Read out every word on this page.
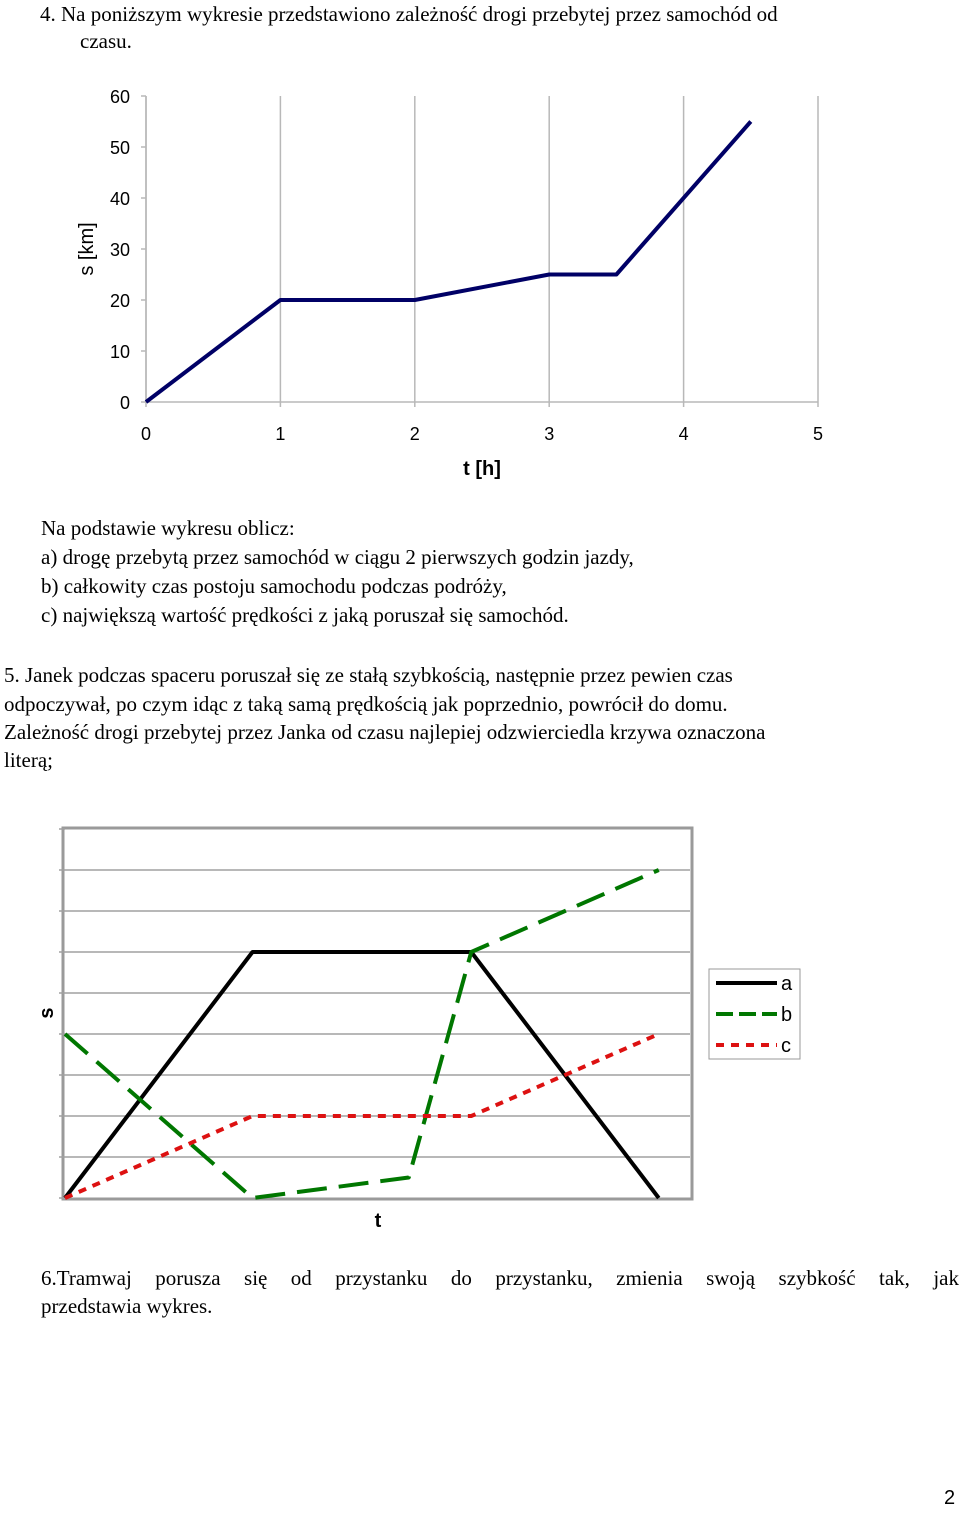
4. Na poniższym wykresie przedstawiono zależność drogi przebytej przez samochód od
czasu.
0
10
20
30
40
50
60
0	1	2	3	4	5
s [km]
t [h]
Na podstawie wykresu oblicz:
a) drogę przebytą przez samochód w ciągu 2 pierwszych godzin jazdy,
b) całkowity czas postoju samochodu podczas podróży,
c) największą wartość prędkości z jaką poruszał się samochód.
5. Janek podczas spaceru poruszał się ze stałą szybkością, następnie przez pewien czas
odpoczywał, po czym idąc z taką samą prędkością jak poprzednio, powrócił do domu.
Zależność drogi przebytej przez Janka od czasu najlepiej odzwierciedla krzywa oznaczona
literą;
s
t
a
b
c
6.Tramwaj porusza się od przystanku do przystanku, zmienia swoją szybkość tak, jak
przedstawia wykres.
2
